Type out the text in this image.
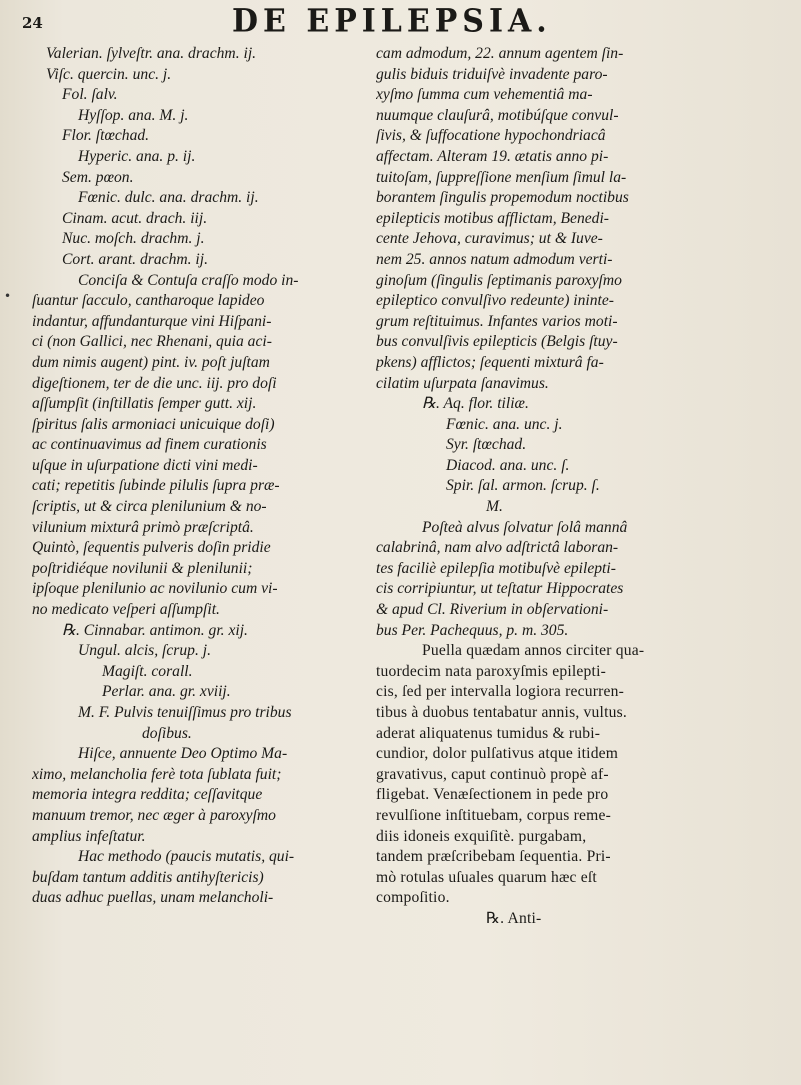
24	DE EPILEPSIA.
•
Valerian. ſylveſtr. ana. drachm. ij.
Viſc. quercin. unc. j.
Fol. ſalv.
Hyſſop. ana. M. j.
Flor. ſtœchad.
Hyperic. ana. p. ij.
Sem. pœon.
Fœnic. dulc. ana. drachm. ij.
Cinam. acut. drach. iij.
Nuc. moſch. drachm. j.
Cort. arant. drachm. ij.
Conciſa & Contuſa craſſo modo in-
ſuantur ſacculo, cantharoque lapideo
indantur, affundanturque vini Hiſpani-
ci (non Gallici, nec Rhenani, quia aci-
dum nimis augent) pint. iv. poſt juſtam
digeſtionem, ter de die unc. iij. pro doſi
aſſumpſit (inſtillatis ſemper gutt. xij.
ſpiritus ſalis armoniaci unicuique doſi)
ac continuavimus ad finem curationis
uſque in uſurpatione dicti vini medi-
cati; repetitis ſubinde pilulis ſupra præ-
ſcriptis, ut & circa plenilunium & no-
vilunium mixturâ primò præſcriptâ.
Quintò, ſequentis pulveris doſin pridie
poſtridiéque novilunii & plenilunii;
ipſoque plenilunio ac novilunio cum vi-
no medicato veſperi aſſumpſit.
℞. Cinnabar. antimon. gr. xij.
Ungul. alcis, ſcrup. j.
Magiſt. corall.
Perlar. ana. gr. xviij.
M. F. Pulvis tenuiſſimus pro tribus
doſibus.
Hiſce, annuente Deo Optimo Ma-
ximo, melancholia ferè tota ſublata fuit;
memoria integra reddita; ceſſavitque
manuum tremor, nec æger à paroxyſmo
amplius infeſtatur.
Hac methodo (paucis mutatis, qui-
buſdam tantum additis antihyſtericis)
duas adhuc puellas, unam melancholi-
cam admodum, 22. annum agentem ſin-
gulis biduis triduiſvè invadente paro-
xyſmo ſumma cum vehementiâ ma-
nuumque clauſurâ, motibúſque convul-
ſivis, & ſuffocatione hypochondriacâ
affectam. Alteram 19. ætatis anno pi-
tuitoſam, ſuppreſſione menſium ſimul la-
borantem ſingulis propemodum noctibus
epilepticis motibus afflictam, Benedi-
cente Jehova, curavimus; ut & Iuve-
nem 25. annos natum admodum verti-
ginoſum (ſingulis ſeptimanis paroxyſmo
epileptico convulſivo redeunte) ininte-
grum reſtituimus. Infantes varios moti-
bus convulſivis epilepticis (Belgis ſtuy-
pkens) afflictos; ſequenti mixturâ fa-
cilatim uſurpata ſanavimus.
℞. Aq. flor. tiliæ.
Fœnic. ana. unc. j.
Syr. ſtœchad.
Diacod. ana. unc. ſ.
Spir. ſal. armon. ſcrup. ſ.
M.
Poſteà alvus ſolvatur ſolâ mannâ
calabrinâ, nam alvo adſtrictâ laboran-
tes faciliè epilepſia motibuſvè epilepti-
cis corripiuntur, ut teſtatur Hippocrates
& apud Cl. Riverium in obſervationi-
bus Per. Pachequus, p. m. 305.
Puella quædam annos circiter qua-
tuordecim nata paroxyſmis epilepti-
cis, ſed per intervalla logiora recurren-
tibus à duobus tentabatur annis, vultus.
aderat aliquatenus tumidus & rubi-
cundior, dolor pulſativus atque itidem
gravativus, caput continuò propè af-
fligebat. Venæſectionem in pede pro
revulſione inſtituebam, corpus reme-
diis idoneis exquiſitè. purgabam,
tandem præſcribebam ſequentia. Pri-
mò rotulas uſuales quarum hæc eſt
compoſitio.
℞. Anti-
